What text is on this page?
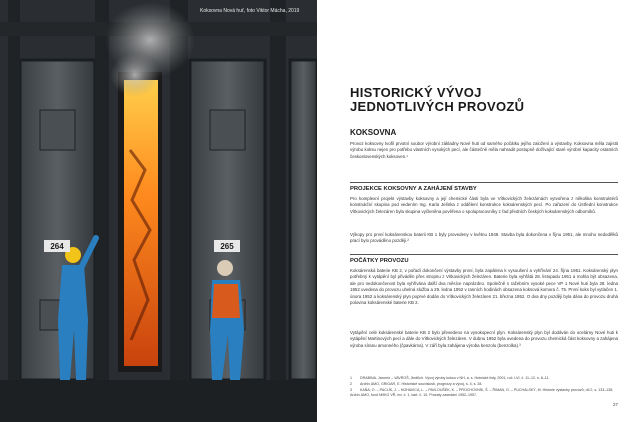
Koksovna Nová huť, foto Viktor Mácha, 2019
264	265
HISTORICKÝ VÝVOJ
JEDNOTLIVÝCH PROVOZŮ
KOKSOVNA
Provoz koksovny tvořil prvotní soubor výrobní základny Nové huti od samého počátku jejího založení a výstavby. Koksovna měla zajistit výrobu koksu nejen pro potřebu vlastních vysokých pecí, ale částečně měla nahradit postupně dožívající staré výrobní kapacity ostatních československých koksoven.¹
PROJEKCE KOKSOVNY A ZAHÁJENÍ STAVBY
Pro komplexní projekt výstavby koksovny a její chemické části byla ve Vítkovických železárnách vytvořena z několika konstruktérů konstrukční skupina pod vedením Ing. Karla Jelínka z oddělení konstrukce koksárenských pecí. Po zařazení do Ústřední konstrukce Vítkovických železáren byla skupina vyčleněna pověřena o spolupracovníky z řad předních českých koksárenských odborníků.
Výkopy pro první koksárenskou baterii KB 1 byly provedeny v květnu 1949. Stavba byla dokončena v říjnu 1951, ale mnoho nedodělků prací bylo prováděno později.²
POČÁTKY PROVOZU
Koksárenská baterie KB 2, v pořadí dokončení výstavby první, byla zapálena k vysoušení a vyhřívání 24. října 1951. Koksárenský plyn potřebný k vytápění byl přiváděn přes stropnu z Vítkovických železáren. Baterie byla vyhřátá 28. listopadu 1951 a mohla být obsazena, ale pro nedokončenost byla vyhřívána další dva měsíce naprázdno. Společně s ražebním vysoké pece VP 1 Nové huti byla 28. ledna 1952 uvedena do provozu uhelná služba a 29. ledna 1952 v ranních hodinách obsazena koksová komora č. 75. První koks byl vytlačen 1. února 1952 a koksárenský plyn poprvé dodán do Vítkovických železáren 21. března 1952. O dva dny později byla dána do provozu druhá polovina koksárenské baterie KB 2.
Vytápění celé koksárenské baterie KB 2 bylo převedeno na vysokopecní plyn. Koksárenský plyn byl dodáván do ocelárny Nové huti k vytápění Martinových pecí a dále do Vítkovických železáren. V dubnu 1952 byla uvedena do provozu chemická část koksovny a zahájena výroba síranu amonného (čpavkárna). V září byla zahájena výroba benzolu (benzolka).³
1 DRABINA, Jaromír – VAVROŠ, Jindřich. Vývoj výroby koksu v NH, a. s. Hutnické listy, 2001, roč. LVI, č. 11–12, s. 6–11.
2 Archiv AMO, GRIGAR, E. Historické souvislosti, prognózy a vývoj, s. 4, s. 28.
3 KAŇA, O. – PACLÍK, J. – NOHAVICA, L. – PAVLOUŠEK, K. – PROCHOVNÍK, Š. – ŘIMAN, G. – PUCHALSKÝ, M. Historie výstavby provozů, díl 2, s. 133–136; Archiv AMO, fond NHKG VŘ, inv. č. 1, kart. č. 10, Prozaty zasedání 1952–1957.
27
